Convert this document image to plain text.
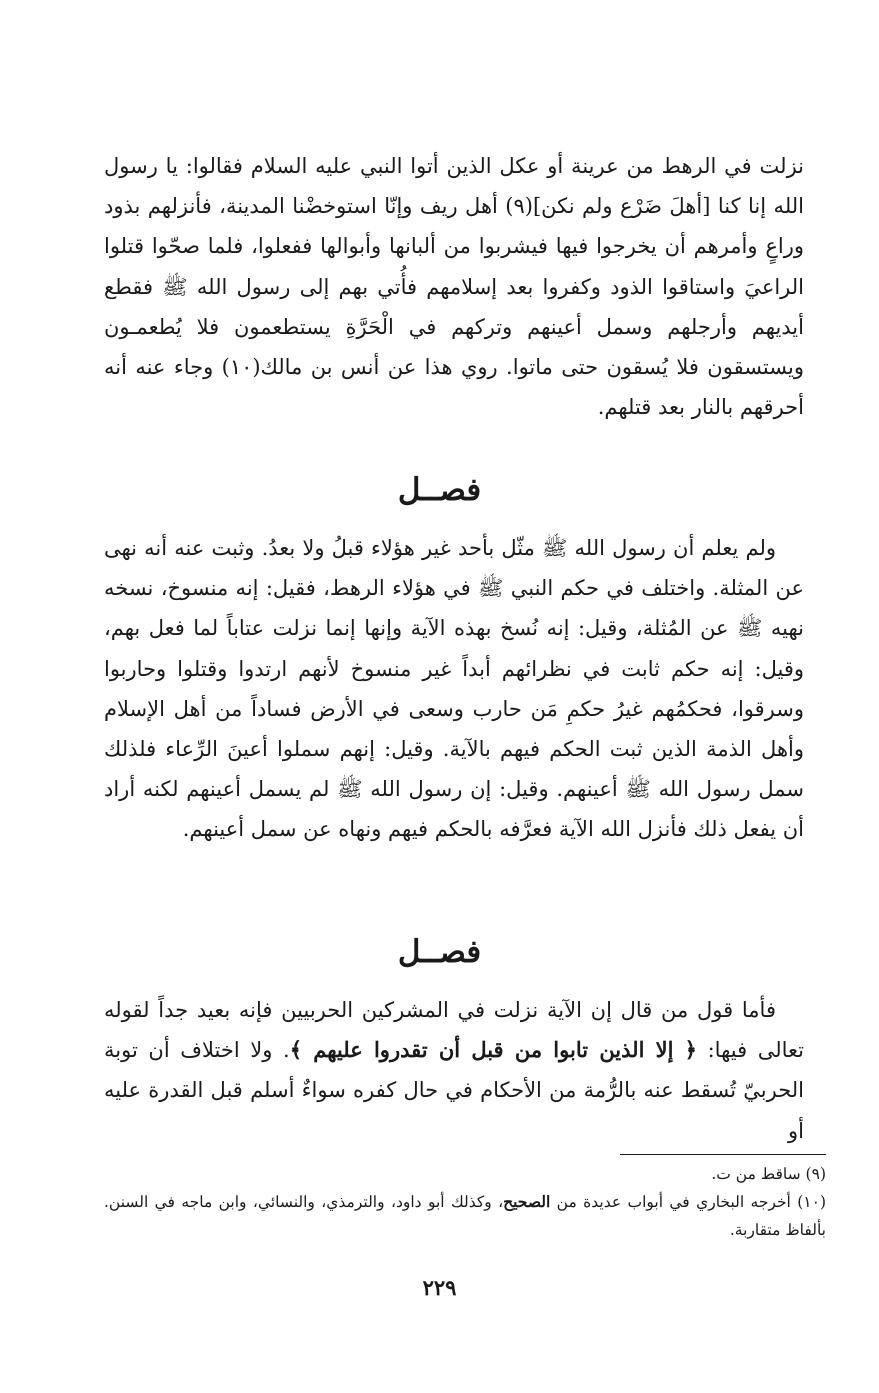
نزلت في الرهط من عرينة أو عكل الذين أتوا النبي عليه السلام فقالوا: يا رسول الله إنا كنا [أهلَ ضَرْع ولم نكن](٩) أهل ريف وإنّا استوخضْنا المدينة، فأنزلهم بذود وراعٍ وأمرهم أن يخرجوا فيها فيشربوا من ألبانها وأبوالها ففعلوا، فلما صحّوا قتلوا الراعيَ واستاقوا الذود وكفروا بعد إسلامهم فأُتي بهم إلى رسول الله ﷺ فقطع أيديهم وأرجلهم وسمل أعينهم وتركهم في الْحَرَّةِ يستطعمون فلا يُطعمـون ويستسقون فلا يُسقون حتى ماتوا. روي هذا عن أنس بن مالك(١٠) وجاء عنه أنه أحرقهم بالنار بعد قتلهم.

فصــل

ولم يعلم أن رسول الله ﷺ مثّل بأحد غير هؤلاء قبلُ ولا بعدُ. وثبت عنه أنه نهى عن المثلة. واختلف في حكم النبي ﷺ في هؤلاء الرهط، فقيل: إنه منسوخ، نسخه نهيه ﷺ عن المُثلة، وقيل: إنه نُسخ بهذه الآية وإنها إنما نزلت عتاباً لما فعل بهم، وقيل: إنه حكم ثابت في نظرائهم أبداً غير منسوخ لأنهم ارتدوا وقتلوا وحاربوا وسرقوا، فحكمُهم غيرُ حكمِ مَن حارب وسعى في الأرض فساداً من أهل الإسلام وأهل الذمة الذين ثبت الحكم فيهم بالآية. وقيل: إنهم سملوا أعينَ الرِّعاء فلذلك سمل رسول الله ﷺ أعينهم. وقيل: إن رسول الله ﷺ لم يسمل أعينهم لكنه أراد أن يفعل ذلك فأنزل الله الآية فعرَّفه بالحكم فيهم ونهاه عن سمل أعينهم.

فصــل

فأما قول من قال إن الآية نزلت في المشركين الحربيين فإنه بعيد جداً لقوله تعالى فيها: ﴿ إلا الذين تابوا من قبل أن تقدروا عليهم ﴾. ولا اختلاف أن توبة الحربيّ تُسقط عنه بالرُّمة من الأحكام في حال كفره سواءٌ أسلم قبل القدرة عليه أو

(٩) ساقط من ت.

(١٠) أخرجه البخاري في أبواب عديدة من الصحيح، وكذلك أبو داود، والترمذي، والنسائي، وابن ماجه في السنن. بألفاظ متقاربة.

٢٢٩
